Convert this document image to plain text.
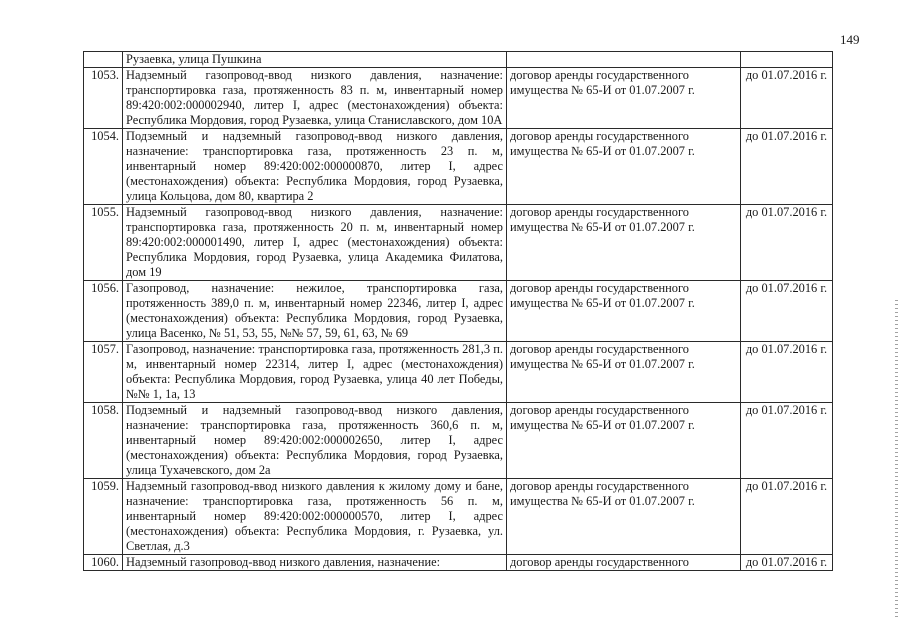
149
	Рузаевка, улица Пушкина		
1053.	Надземный газопровод-ввод низкого давления, назначение: транспортировка газа, протяженность 83 п. м, инвентарный номер 89:420:002:000002940, литер I, адрес (местонахождения) объекта: Республика Мордовия, город Рузаевка, улица Станиславского, дом 10А	договор аренды государственного имущества № 65-И от 01.07.2007 г.	до 01.07.2016 г.
1054.	Подземный и надземный газопровод-ввод низкого давления, назначение: транспортировка газа, протяженность 23 п. м, инвентарный номер 89:420:002:000000870, литер I, адрес (местонахождения) объекта: Республика Мордовия, город Рузаевка, улица Кольцова, дом 80, квартира 2	договор аренды государственного имущества № 65-И от 01.07.2007 г.	до 01.07.2016 г.
1055.	Надземный газопровод-ввод низкого давления, назначение: транспортировка газа, протяженность 20 п. м, инвентарный номер 89:420:002:000001490, литер I, адрес (местонахождения) объекта: Республика Мордовия, город Рузаевка, улица Академика Филатова, дом 19	договор аренды государственного имущества № 65-И от 01.07.2007 г.	до 01.07.2016 г.
1056.	Газопровод, назначение: нежилое, транспортировка газа, протяженность 389,0 п. м, инвентарный номер 22346, литер I, адрес (местонахождения) объекта: Республика Мордовия, город Рузаевка, улица Васенко, № 51, 53, 55, №№ 57, 59, 61, 63, № 69	договор аренды государственного имущества № 65-И от 01.07.2007 г.	до 01.07.2016 г.
1057.	Газопровод, назначение: транспортировка газа, протяженность 281,3 п. м, инвентарный номер 22314, литер I, адрес (местонахождения) объекта: Республика Мордовия, город Рузаевка, улица 40 лет Победы, №№ 1, 1а, 13	договор аренды государственного имущества № 65-И от 01.07.2007 г.	до 01.07.2016 г.
1058.	Подземный и надземный газопровод-ввод низкого давления, назначение: транспортировка газа, протяженность 360,6 п. м, инвентарный номер 89:420:002:000002650, литер I, адрес (местонахождения) объекта: Республика Мордовия, город Рузаевка, улица Тухачевского, дом 2а	договор аренды государственного имущества № 65-И от 01.07.2007 г.	до 01.07.2016 г.
1059.	Надземный газопровод-ввод низкого давления к жилому дому и бане, назначение: транспортировка газа, протяженность 56 п. м, инвентарный номер 89:420:002:000000570, литер I, адрес (местонахождения) объекта: Республика Мордовия, г. Рузаевка, ул. Светлая, д.3	договор аренды государственного имущества № 65-И от 01.07.2007 г.	до 01.07.2016 г.
1060.	Надземный газопровод-ввод низкого давления, назначение:	договор аренды государственного	до 01.07.2016 г.
